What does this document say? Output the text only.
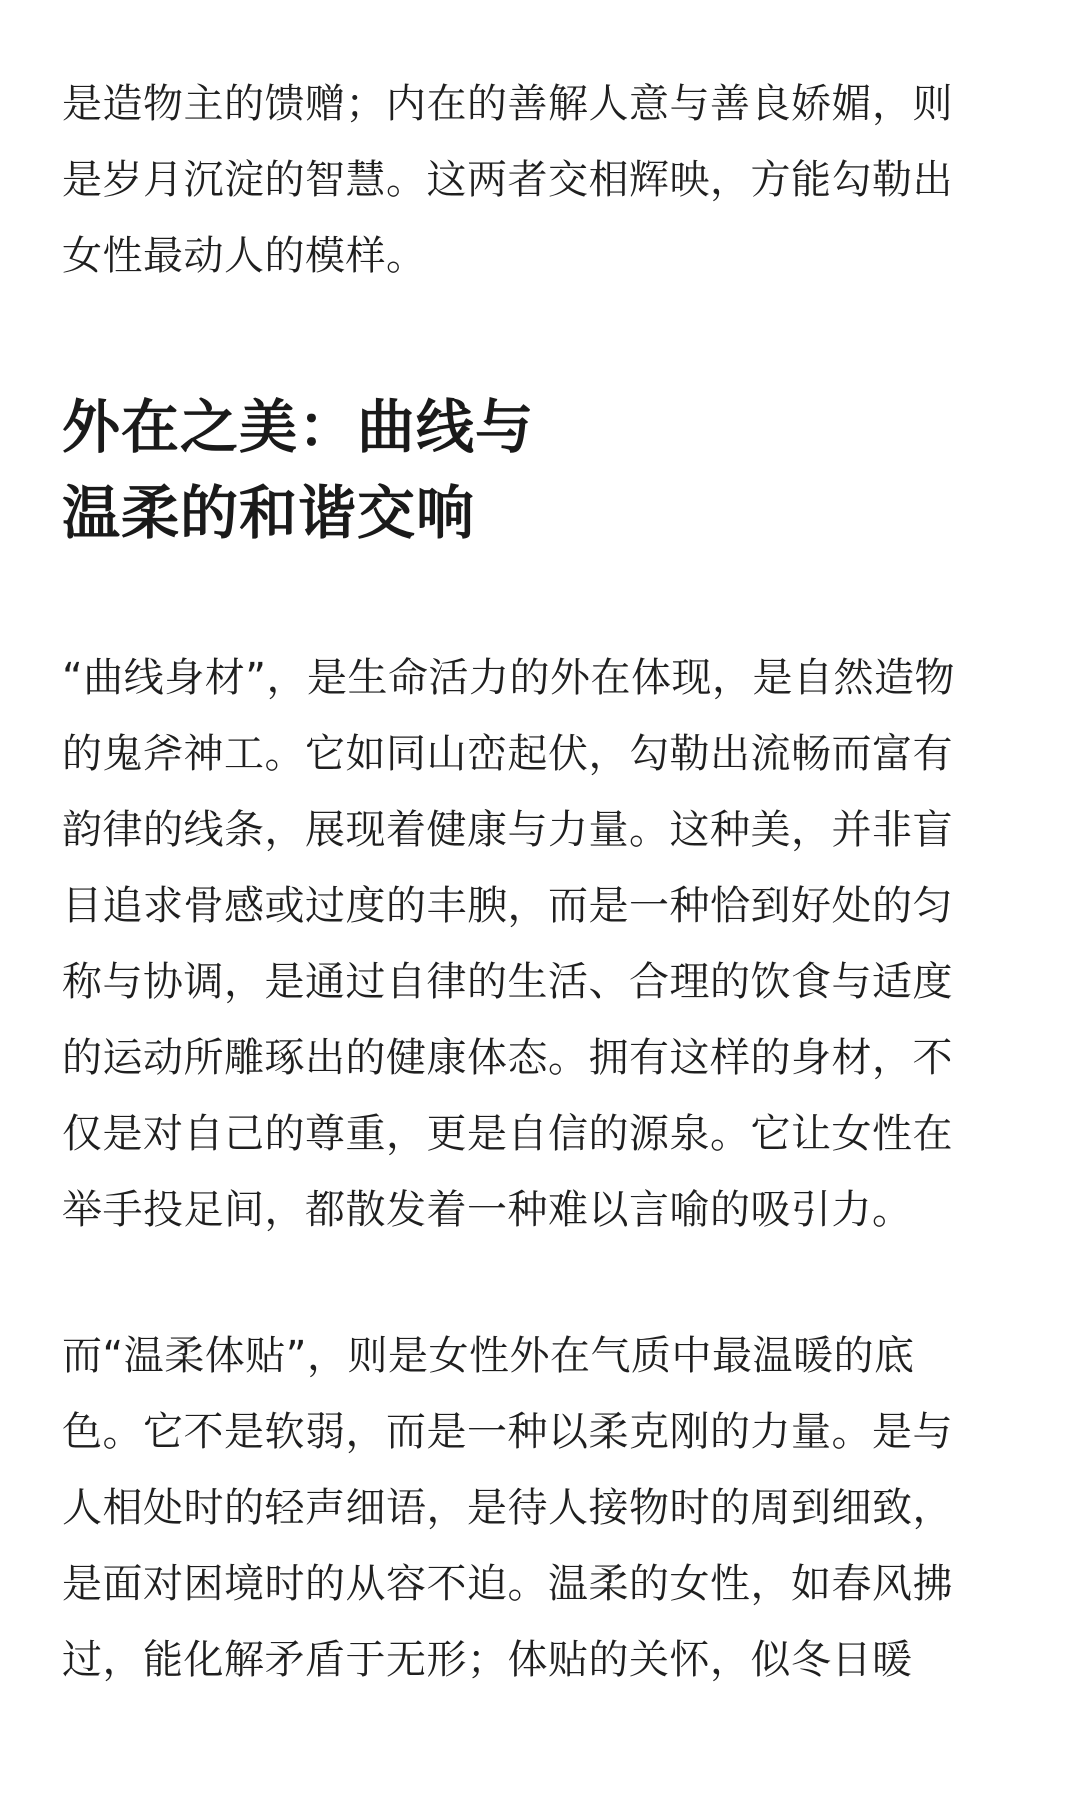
是造物主的馈赠；内在的善解人意与善良娇媚，则
是岁月沉淀的智慧。这两者交相辉映，方能勾勒出
女性最动人的模样。
外在之美：曲线与
温柔的和谐交响
“曲线身材”，是生命活力的外在体现，是自然造物
的鬼斧神工。它如同山峦起伏，勾勒出流畅而富有
韵律的线条，展现着健康与力量。这种美，并非盲
目追求骨感或过度的丰腴，而是一种恰到好处的匀
称与协调，是通过自律的生活、合理的饮食与适度
的运动所雕琢出的健康体态。拥有这样的身材，不
仅是对自己的尊重，更是自信的源泉。它让女性在
举手投足间，都散发着一种难以言喻的吸引力。
而“温柔体贴”，则是女性外在气质中最温暖的底
色。它不是软弱，而是一种以柔克刚的力量。是与
人相处时的轻声细语，是待人接物时的周到细致，
是面对困境时的从容不迫。温柔的女性，如春风拂
过，能化解矛盾于无形；体贴的关怀，似冬日暖
